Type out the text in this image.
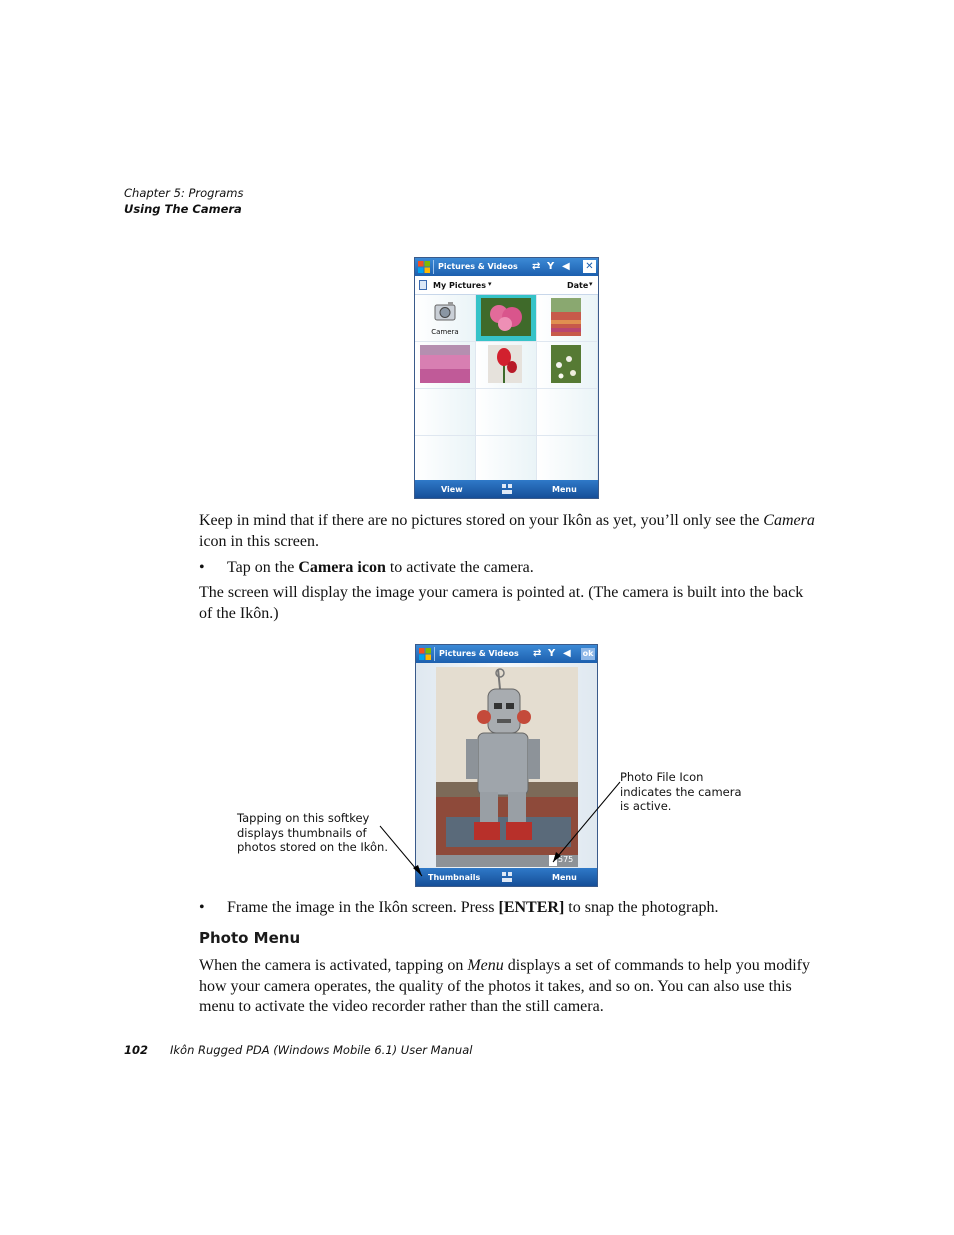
Chapter 5: Programs
Using The Camera
Pictures & Videos ⇄ Y ◀ ✕
My Pictures ▾	Date ▾
Camera
View	Menu
Keep in mind that if there are no pictures stored on your Ikôn as yet, you’ll only see the Camera icon in this screen.
• Tap on the Camera icon to activate the camera.
The screen will display the image your camera is pointed at. (The camera is built into the back of the Ikôn.)
Pictures & Videos ⇄ Y ◀ ok
575
Thumbnails	Menu
Tapping on this softkey
displays thumbnails of
photos stored on the Ikôn.
Photo File Icon
indicates the camera
is active.
• Frame the image in the Ikôn screen. Press [ENTER] to snap the photograph.
Photo Menu
When the camera is activated, tapping on Menu displays a set of commands to help you modify how your camera operates, the quality of the photos it takes, and so on. You can also use this menu to activate the video recorder rather than the still camera.
102 Ikôn Rugged PDA (Windows Mobile 6.1) User Manual
